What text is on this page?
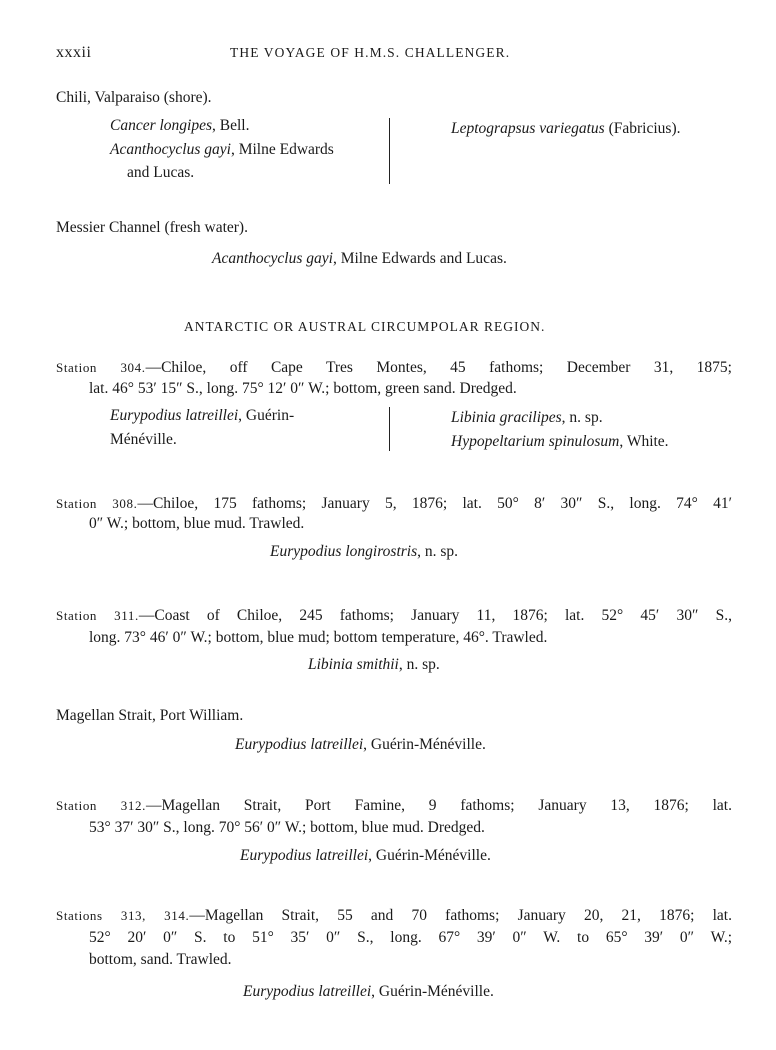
xxxii	THE VOYAGE OF H.M.S. CHALLENGER.
Chili, Valparaiso (shore).
Cancer longipes, Bell.
Acanthocyclus gayi, Milne Edwards
and Lucas.
Leptograpsus variegatus (Fabricius).
Messier Channel (fresh water).
Acanthocyclus gayi, Milne Edwards and Lucas.
ANTARCTIC OR AUSTRAL CIRCUMPOLAR REGION.
Station 304.—Chiloe, off Cape Tres Montes, 45 fathoms; December 31, 1875;
lat. 46° 53′ 15″ S., long. 75° 12′ 0″ W.; bottom, green sand. Dredged.
Eurypodius latreillei, Guérin-
Ménéville.
Libinia gracilipes, n. sp.
Hypopeltarium spinulosum, White.
Station 308.—Chiloe, 175 fathoms; January 5, 1876; lat. 50° 8′ 30″ S., long. 74° 41′
0″ W.; bottom, blue mud. Trawled.
Eurypodius longirostris, n. sp.
Station 311.—Coast of Chiloe, 245 fathoms; January 11, 1876; lat. 52° 45′ 30″ S.,
long. 73° 46′ 0″ W.; bottom, blue mud; bottom temperature, 46°. Trawled.
Libinia smithii, n. sp.
Magellan Strait, Port William.
Eurypodius latreillei, Guérin-Ménéville.
Station 312.—Magellan Strait, Port Famine, 9 fathoms; January 13, 1876; lat.
53° 37′ 30″ S., long. 70° 56′ 0″ W.; bottom, blue mud. Dredged.
Eurypodius latreillei, Guérin-Ménéville.
Stations 313, 314.—Magellan Strait, 55 and 70 fathoms; January 20, 21, 1876; lat.
52° 20′ 0″ S. to 51° 35′ 0″ S., long. 67° 39′ 0″ W. to 65° 39′ 0″ W.;
bottom, sand. Trawled.
Eurypodius latreillei, Guérin-Ménéville.
